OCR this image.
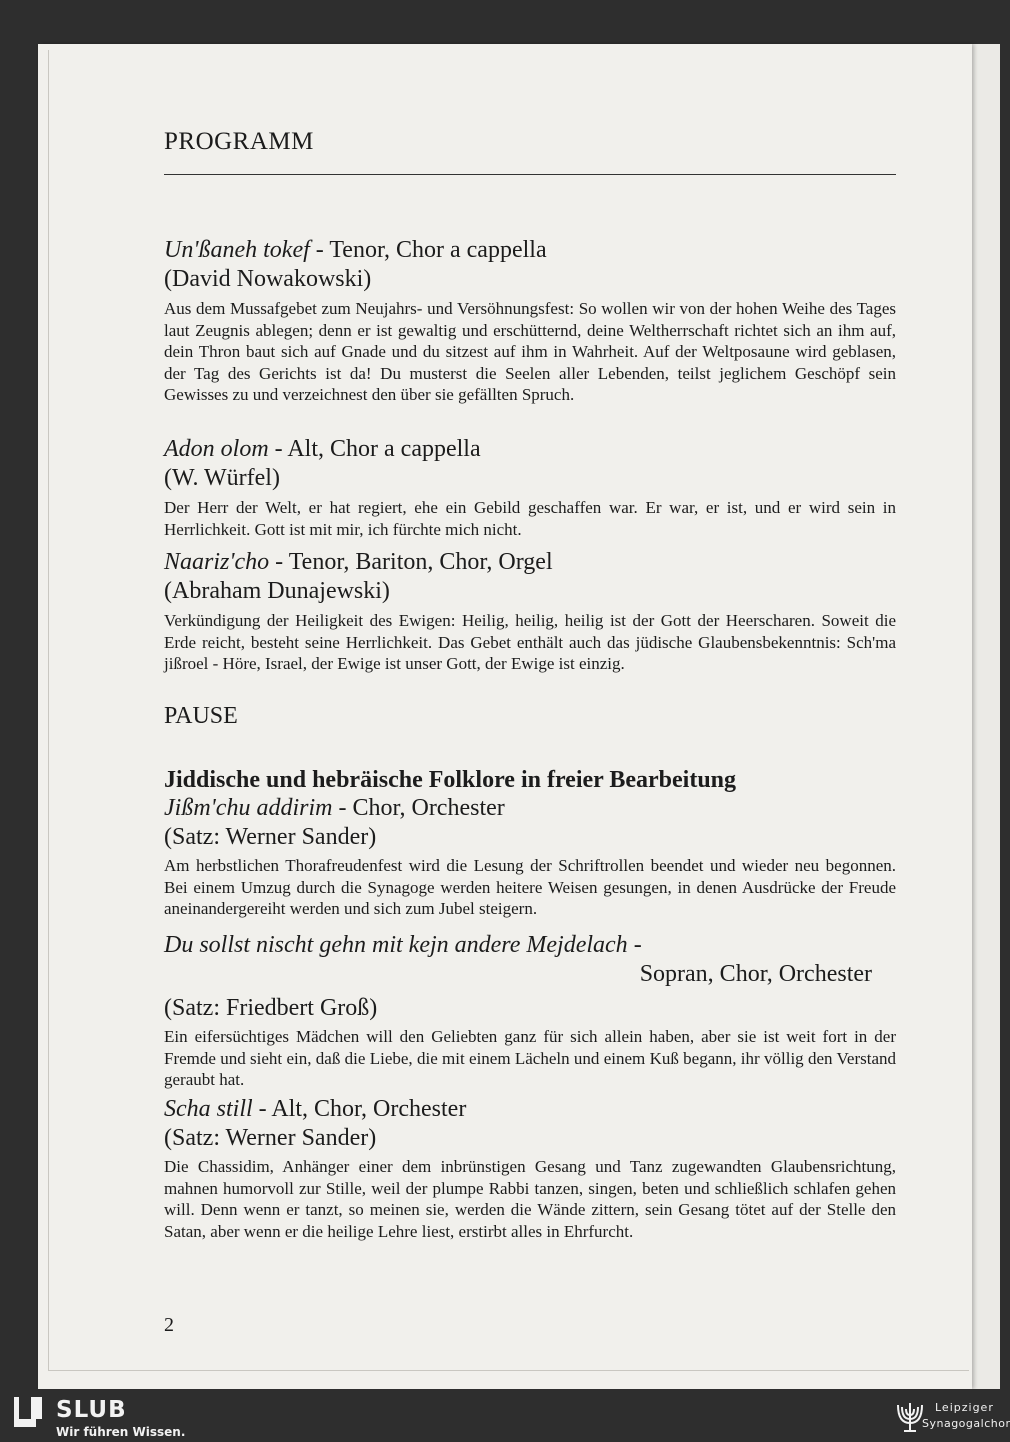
PROGRAMM

Un'ßaneh tokef - Tenor, Chor a cappella
(David Nowakowski)
Aus dem Mussafgebet zum Neujahrs- und Versöhnungsfest: So wollen wir von der hohen Weihe des Tages laut Zeugnis ablegen; denn er ist gewaltig und erschütternd, deine Weltherrschaft richtet sich an ihm auf, dein Thron baut sich auf Gnade und du sitzest auf ihm in Wahrheit. Auf der Weltposaune wird geblasen, der Tag des Gerichts ist da! Du musterst die Seelen aller Lebenden, teilst jeglichem Geschöpf sein Gewisses zu und verzeichnest den über sie gefällten Spruch.
Adon olom - Alt, Chor a cappella
(W. Würfel)
Der Herr der Welt, er hat regiert, ehe ein Gebild geschaffen war. Er war, er ist, und er wird sein in Herrlichkeit. Gott ist mit mir, ich fürchte mich nicht.
Naariz'cho - Tenor, Bariton, Chor, Orgel
(Abraham Dunajewski)
Verkündigung der Heiligkeit des Ewigen: Heilig, heilig, heilig ist der Gott der Heerscharen. Soweit die Erde reicht, besteht seine Herrlichkeit. Das Gebet enthält auch das jüdische Glaubensbekenntnis: Sch'ma jißroel - Höre, Israel, der Ewige ist unser Gott, der Ewige ist einzig.
PAUSE
Jiddische und hebräische Folklore in freier Bearbeitung
Jißm'chu addirim - Chor, Orchester
(Satz: Werner Sander)
Am herbstlichen Thorafreudenfest wird die Lesung der Schriftrollen beendet und wieder neu begonnen. Bei einem Umzug durch die Synagoge werden heitere Weisen gesungen, in denen Ausdrücke der Freude aneinandergereiht werden und sich zum Jubel steigern.
Du sollst nischt gehn mit kejn andere Mejdelach -
Sopran, Chor, Orchester
(Satz: Friedbert Groß)
Ein eifersüchtiges Mädchen will den Geliebten ganz für sich allein haben, aber sie ist weit fort in der Fremde und sieht ein, daß die Liebe, die mit einem Lächeln und einem Kuß begann, ihr völlig den Verstand geraubt hat.
Scha still - Alt, Chor, Orchester
(Satz: Werner Sander)
Die Chassidim, Anhänger einer dem inbrünstigen Gesang und Tanz zugewandten Glaubensrichtung, mahnen humorvoll zur Stille, weil der plumpe Rabbi tanzen, singen, beten und schließlich schlafen gehen will. Denn wenn er tanzt, so meinen sie, werden die Wände zittern, sein Gesang tötet auf der Stelle den Satan, aber wenn er die heilige Lehre liest, erstirbt alles in Ehrfurcht.
2
SLUB
Wir führen Wissen.
Leipziger
Synagogalchor
